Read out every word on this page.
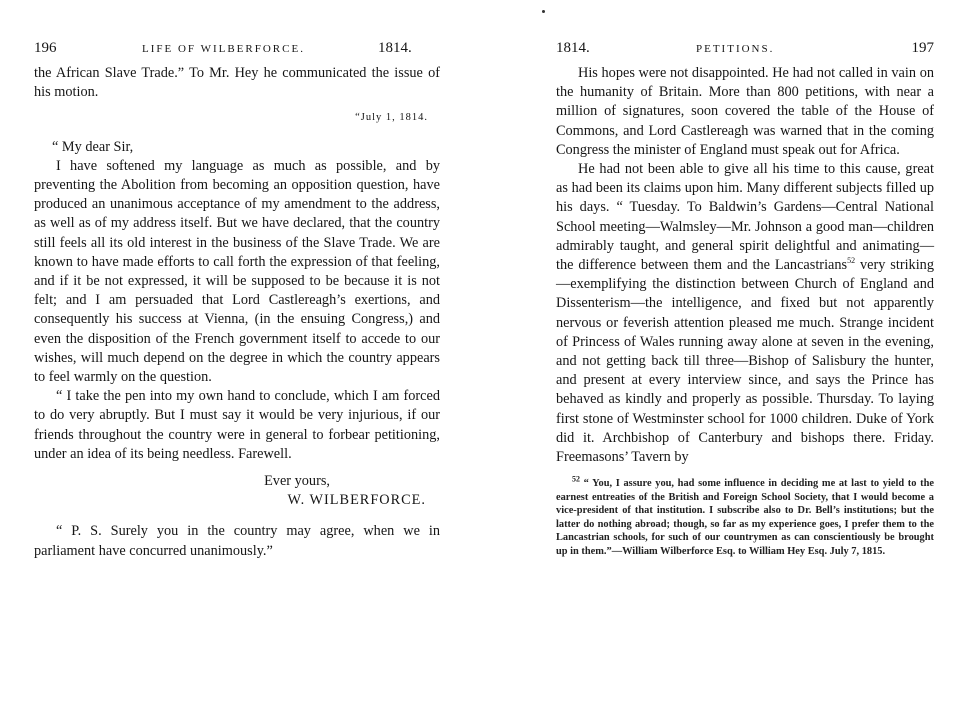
196	LIFE OF WILBERFORCE.	1814.

the African Slave Trade.” To Mr. Hey he communicated the issue of his motion.

“July 1, 1814.

“ My dear Sir,

I have softened my language as much as possible, and by preventing the Abolition from becoming an opposition question, have produced an unanimous acceptance of my amendment to the address, as well as of my address itself. But we have declared, that the country still feels all its old interest in the business of the Slave Trade. We are known to have made efforts to call forth the expression of that feeling, and if it be not expressed, it will be supposed to be because it is not felt; and I am persuaded that Lord Castlereagh’s exertions, and consequently his success at Vienna, (in the ensuing Congress,) and even the disposition of the French government itself to accede to our wishes, will much depend on the degree in which the country appears to feel warmly on the question.

“ I take the pen into my own hand to conclude, which I am forced to do very abruptly. But I must say it would be very injurious, if our friends throughout the country were in general to forbear petitioning, under an idea of its being needless. Farewell.

Ever yours,

W. WILBERFORCE.

“ P. S. Surely you in the country may agree, when we in parliament have concurred unanimously.”

1814.	PETITIONS.	197

His hopes were not disappointed. He had not called in vain on the humanity of Britain. More than 800 petitions, with near a million of signatures, soon covered the table of the House of Commons, and Lord Castlereagh was warned that in the coming Congress the minister of England must speak out for Africa.

He had not been able to give all his time to this cause, great as had been its claims upon him. Many different subjects filled up his days. “ Tuesday. To Baldwin’s Gardens—Central National School meeting—Walmsley—Mr. Johnson a good man—children admirably taught, and general spirit delightful and animating—the difference between them and the Lancastrians$^{52}$ very striking—exemplifying the distinction between Church of England and Dissenterism—the intelligence, and fixed but not apparently nervous or feverish attention pleased me much. Strange incident of Princess of Wales running away alone at seven in the evening, and not getting back till three—Bishop of Salisbury the hunter, and present at every interview since, and says the Prince has behaved as kindly and properly as possible. Thursday. To laying first stone of Westminster school for 1000 children. Duke of York did it. Archbishop of Canterbury and bishops there. Friday. Freemasons’ Tavern by

$^{52}$ “ You, I assure you, had some influence in deciding me at last to yield to the earnest entreaties of the British and Foreign School Society, that I would become a vice-president of that institution. I subscribe also to Dr. Bell’s institutions; but the latter do nothing abroad; though, so far as my experience goes, I prefer them to the Lancastrian schools, for such of our countrymen as can conscientiously be brought up in them.”—William Wilberforce Esq. to William Hey Esq. July 7, 1815.
